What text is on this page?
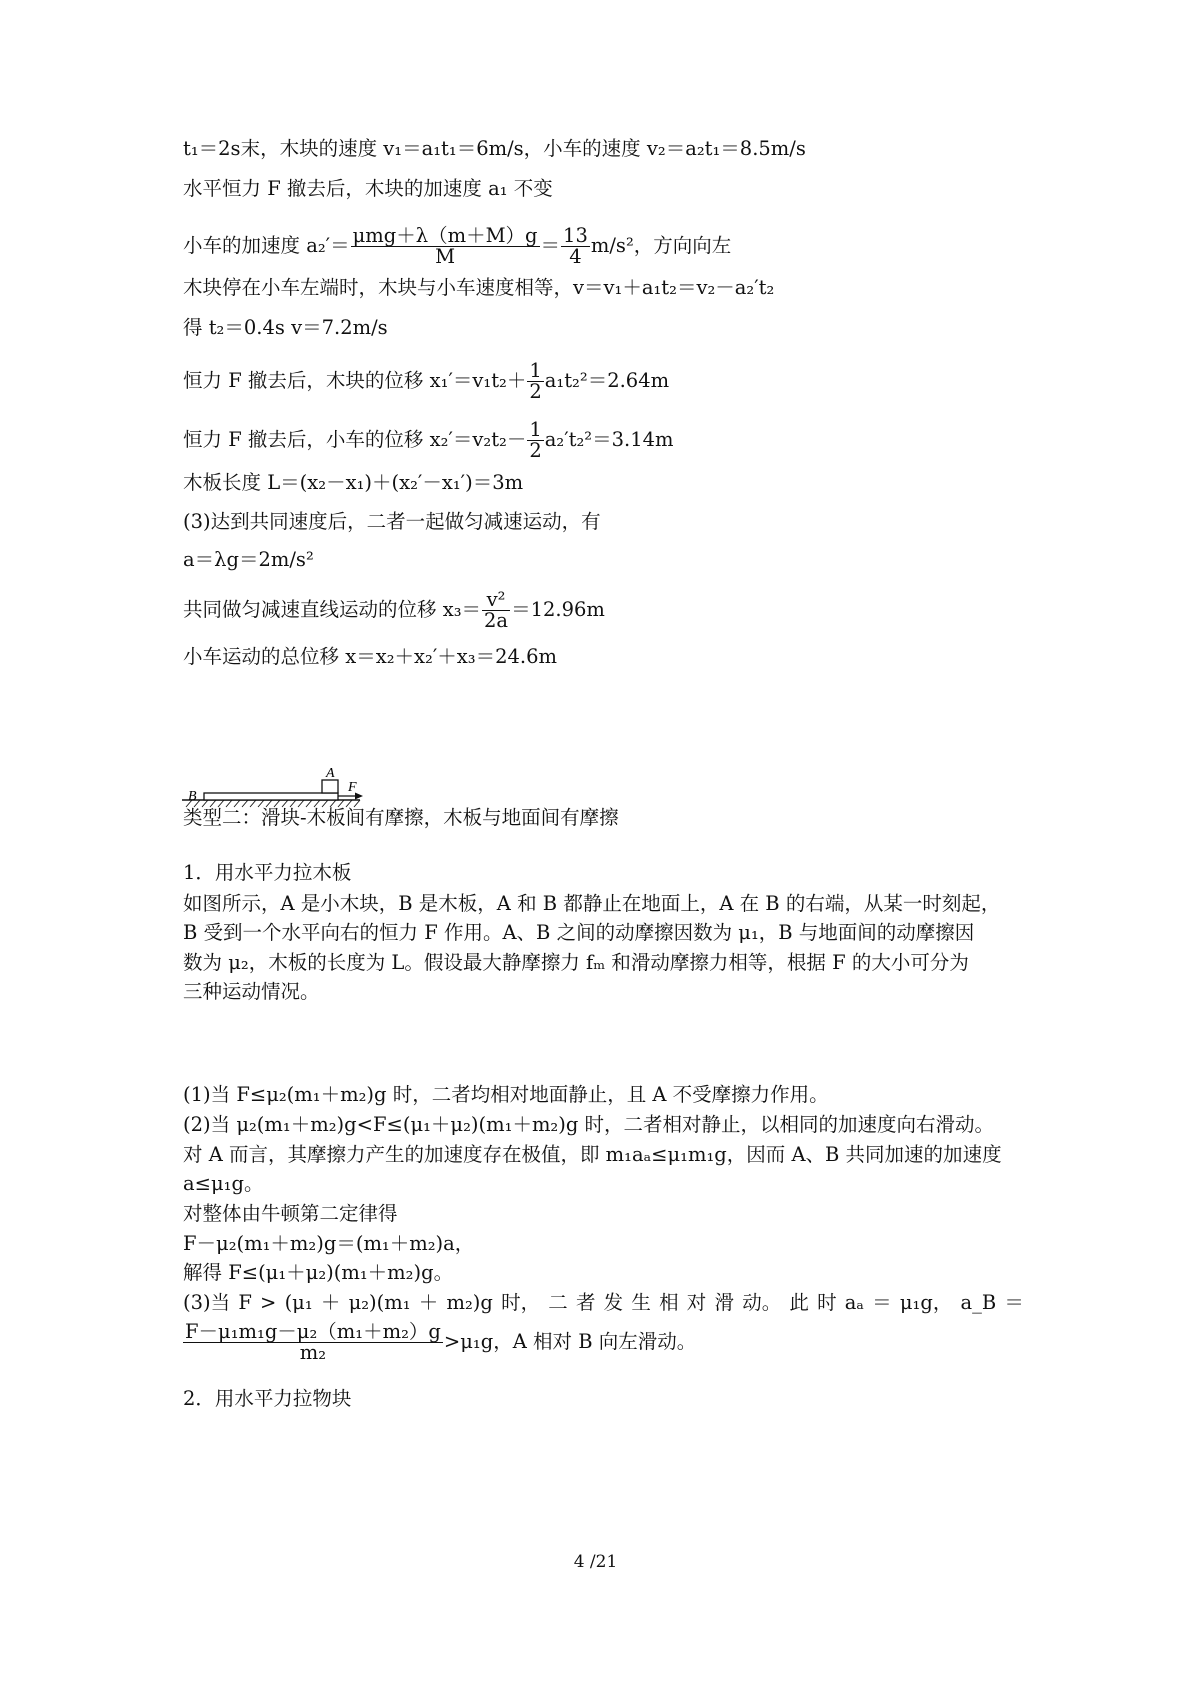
t₁＝2s末，木块的速度 v₁＝a₁t₁＝6m/s，小车的速度 v₂＝a₂t₁＝8.5m/s
水平恒力 F 撤去后，木块的加速度 a₁ 不变
小车的加速度 $a_2'= \frac{\text{μmg＋λ（m＋M）g}}{M} = \frac{13}{4} m/s^2$，方向向左
木块停在小车左端时，木块与小车速度相等，v＝v₁＋a₁t₂＝v₂－a₂′t₂
得 t₂＝0.4s v＝7.2m/s
恒力 F 撤去后，木块的位移 $x_1'=v_1t_2+ \frac{1}{2} a_1t_2^2=2.64m$
恒力 F 撤去后，小车的位移 $x_2'=v_2t_2- \frac{1}{2} a_2't_2^2=3.14m$
木板长度 L＝(x₂－x₁)＋(x₂′－x₁′)＝3m
(3)达到共同速度后，二者一起做匀减速运动，有
a＝λg＝2m/s²
共同做匀减速直线运动的位移 $x_3= \frac{\text{v²}}{2a} =12.96m$
小车运动的总位移 x＝x₂＋x₂′＋x₃＝24.6m
类型二：滑块-木板间有摩擦，木板与地面间有摩擦
1．用水平力拉木板
如图所示，A 是小木块，B 是木板，A 和 B 都静止在地面上，A 在 B 的右端，从某一时刻起，
B 受到一个水平向右的恒力 F 作用。A、B 之间的动摩擦因数为 μ₁，B 与地面间的动摩擦因
数为 μ₂，木板的长度为 L。假设最大静摩擦力 fₘ 和滑动摩擦力相等，根据 F 的大小可分为
三种运动情况。
A
B
F
(1)当 F≤μ₂(m₁＋m₂)g 时，二者均相对地面静止，且 A 不受摩擦力作用。
(2)当 μ₂(m₁＋m₂)g<F≤(μ₁＋μ₂)(m₁＋m₂)g 时，二者相对静止，以相同的加速度向右滑动。
对 A 而言，其摩擦力产生的加速度存在极值，即 m₁aₐ≤μ₁m₁g，因而 A、B 共同加速的加速度
a≤μ₁g。
对整体由牛顿第二定律得
F－μ₂(m₁＋m₂)g＝(m₁＋m₂)a，
解得 F≤(μ₁＋μ₂)(m₁＋m₂)g。
(3)当 F > (μ₁ ＋ μ₂)(m₁ ＋ m₂)g 时， 二 者 发 生 相 对 滑 动。 此 时 aₐ ＝ μ₁g， a_B ＝
$\frac{\text{F－μ₁m₁g－μ₂（m₁＋m₂）g}}{\text{m₂}} >\mu_1g$，A 相对 B 向左滑动。
2．用水平力拉物块
4 /21
